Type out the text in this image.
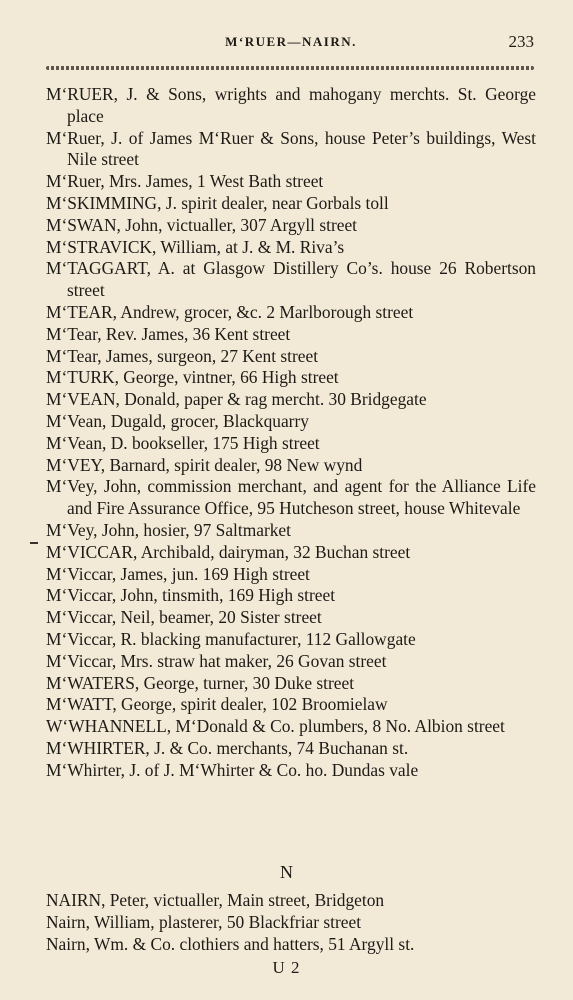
M‘RUER—NAIRN.	233
M‘RUER, J. & Sons, wrights and mahogany merchts. St. George place
M‘Ruer, J. of James M‘Ruer & Sons, house Peter’s buildings, West Nile street
M‘Ruer, Mrs. James, 1 West Bath street
M‘SKIMMING, J. spirit dealer, near Gorbals toll
M‘SWAN, John, victualler, 307 Argyll street
M‘STRAVICK, William, at J. & M. Riva’s
M‘TAGGART, A. at Glasgow Distillery Co’s. house 26 Robertson street
M‘TEAR, Andrew, grocer, &c. 2 Marlborough street
M‘Tear, Rev. James, 36 Kent street
M‘Tear, James, surgeon, 27 Kent street
M‘TURK, George, vintner, 66 High street
M‘VEAN, Donald, paper & rag mercht. 30 Bridgegate
M‘Vean, Dugald, grocer, Blackquarry
M‘Vean, D. bookseller, 175 High street
M‘VEY, Barnard, spirit dealer, 98 New wynd
M‘Vey, John, commission merchant, and agent for the Alliance Life and Fire Assurance Office, 95 Hutcheson street, house Whitevale
M‘Vey, John, hosier, 97 Saltmarket
M‘VICCAR, Archibald, dairyman, 32 Buchan street
M‘Viccar, James, jun. 169 High street
M‘Viccar, John, tinsmith, 169 High street
M‘Viccar, Neil, beamer, 20 Sister street
M‘Viccar, R. blacking manufacturer, 112 Gallowgate
M‘Viccar, Mrs. straw hat maker, 26 Govan street
M‘WATERS, George, turner, 30 Duke street
M‘WATT, George, spirit dealer, 102 Broomielaw
W‘WHANNELL, M‘Donald & Co. plumbers, 8 No. Albion street
M‘WHIRTER, J. & Co. merchants, 74 Buchanan st.
M‘Whirter, J. of J. M‘Whirter & Co. ho. Dundas vale
N
NAIRN, Peter, victualler, Main street, Bridgeton
Nairn, William, plasterer, 50 Blackfriar street
Nairn, Wm. & Co. clothiers and hatters, 51 Argyll st.
U 2
